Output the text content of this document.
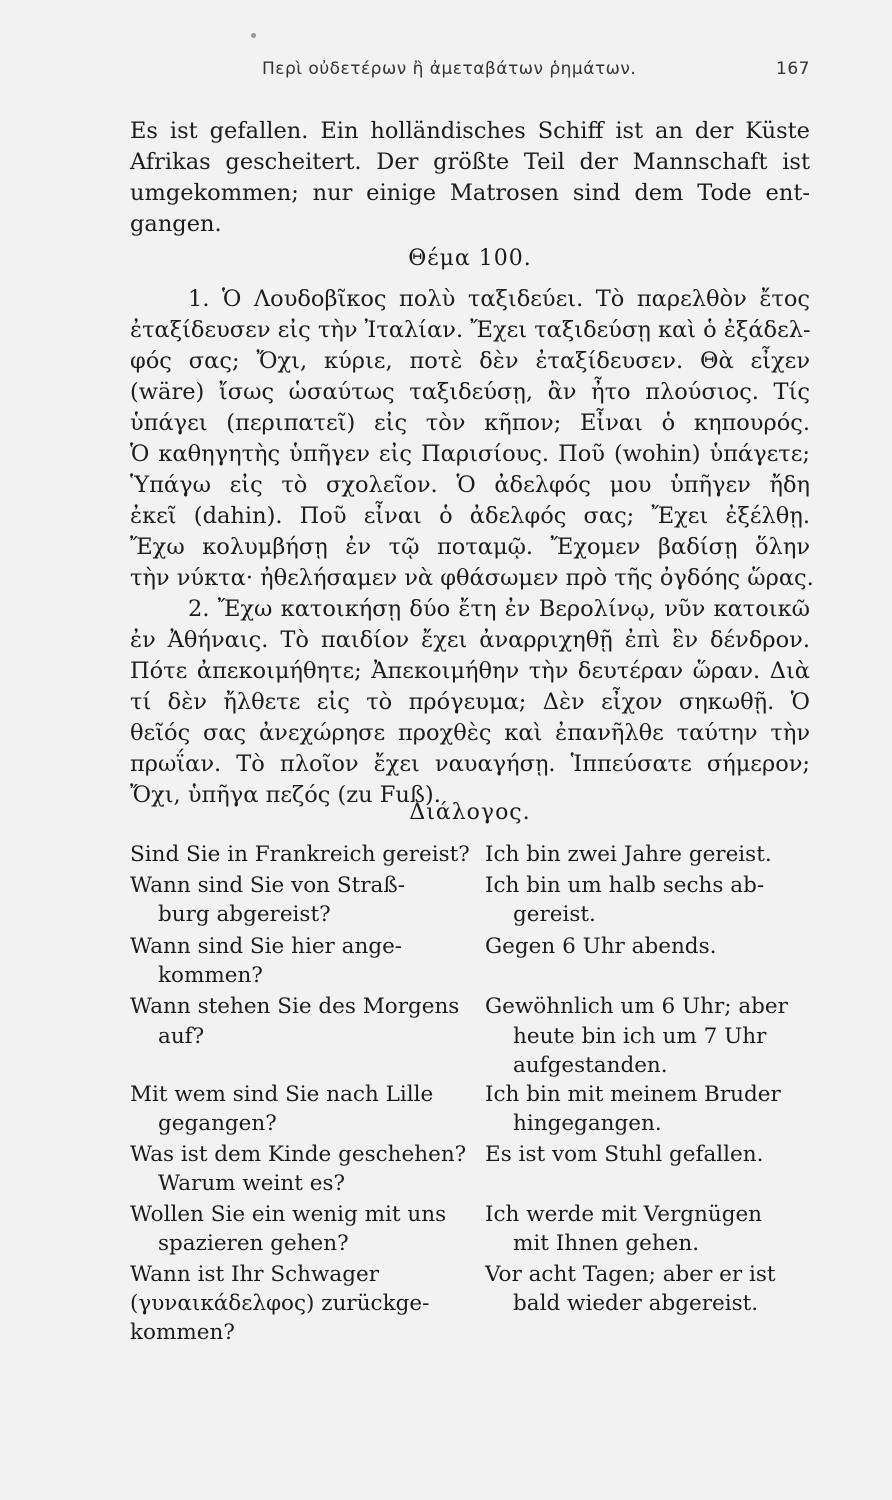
Περὶ οὐδετέρων ἢ ἀμεταβάτων ῥημάτων.	167
Es ist gefallen. Ein holländisches Schiff ist an der Küste
Afrikas gescheitert. Der größte Teil der Mannschaft ist
umgekommen; nur einige Matrosen sind dem Tode ent-
gangen.
Θέμα 100.
1. Ὁ Λουδοβῖκος πολὺ ταξιδεύει. Τὸ παρελθὸν ἔτος
ἐταξίδευσεν εἰς τὴν Ἰταλίαν. Ἔχει ταξιδεύσῃ καὶ ὁ ἐξάδελ-
φός σας; Ὄχι, κύριε, ποτὲ δὲν ἐταξίδευσεν. Θὰ εἶχεν
(wäre) ἴσως ὡσαύτως ταξιδεύσῃ, ἂν ἦτο πλούσιος. Τίς
ὑπάγει (περιπατεῖ) εἰς τὸν κῆπον; Εἶναι ὁ κηπουρός.
Ὁ καθηγητὴς ὑπῆγεν εἰς Παρισίους. Ποῦ (wohin) ὑπάγετε;
Ὑπάγω εἰς τὸ σχολεῖον. Ὁ ἀδελφός μου ὑπῆγεν ἤδη
ἐκεῖ (dahin). Ποῦ εἶναι ὁ ἀδελφός σας; Ἔχει ἐξέλθῃ.
Ἔχω κολυμβήσῃ ἐν τῷ ποταμῷ. Ἔχομεν βαδίσῃ ὅλην
τὴν νύκτα· ἠθελήσαμεν νὰ φθάσωμεν πρὸ τῆς ὀγδόης ὥρας.
2. Ἔχω κατοικήσῃ δύο ἔτη ἐν Βερολίνῳ, νῦν κατοικῶ
ἐν Ἀθήναις. Τὸ παιδίον ἔχει ἀναρριχηθῇ ἐπὶ ἓν δένδρον.
Πότε ἀπεκοιμήθητε; Ἀπεκοιμήθην τὴν δευτέραν ὥραν. Διὰ
τί δὲν ἤλθετε εἰς τὸ πρόγευμα; Δὲν εἶχον σηκωθῇ. Ὁ
θεῖός σας ἀνεχώρησε προχθὲς καὶ ἐπανῆλθε ταύτην τὴν
πρωΐαν. Τὸ πλοῖον ἔχει ναυαγήσῃ. Ἱππεύσατε σήμερον;
Ὄχι, ὑπῆγα πεζός (zu Fuß).
Διάλογος.
Sind Sie in Frankreich gereist?
Wann sind Sie von Straß-
burg abgereist?
Wann sind Sie hier ange-
kommen?
Wann stehen Sie des Morgens
auf?
Mit wem sind Sie nach Lille
gegangen?
Was ist dem Kinde geschehen?
Warum weint es?
Wollen Sie ein wenig mit uns
spazieren gehen?
Wann ist Ihr Schwager
(γυναικάδελφος) zurückge-
kommen?
Ich bin zwei Jahre gereist.
Ich bin um halb sechs ab-
gereist.
Gegen 6 Uhr abends.
Gewöhnlich um 6 Uhr; aber
heute bin ich um 7 Uhr
aufgestanden.
Ich bin mit meinem Bruder
hingegangen.
Es ist vom Stuhl gefallen.
Ich werde mit Vergnügen
mit Ihnen gehen.
Vor acht Tagen; aber er ist
bald wieder abgereist.
